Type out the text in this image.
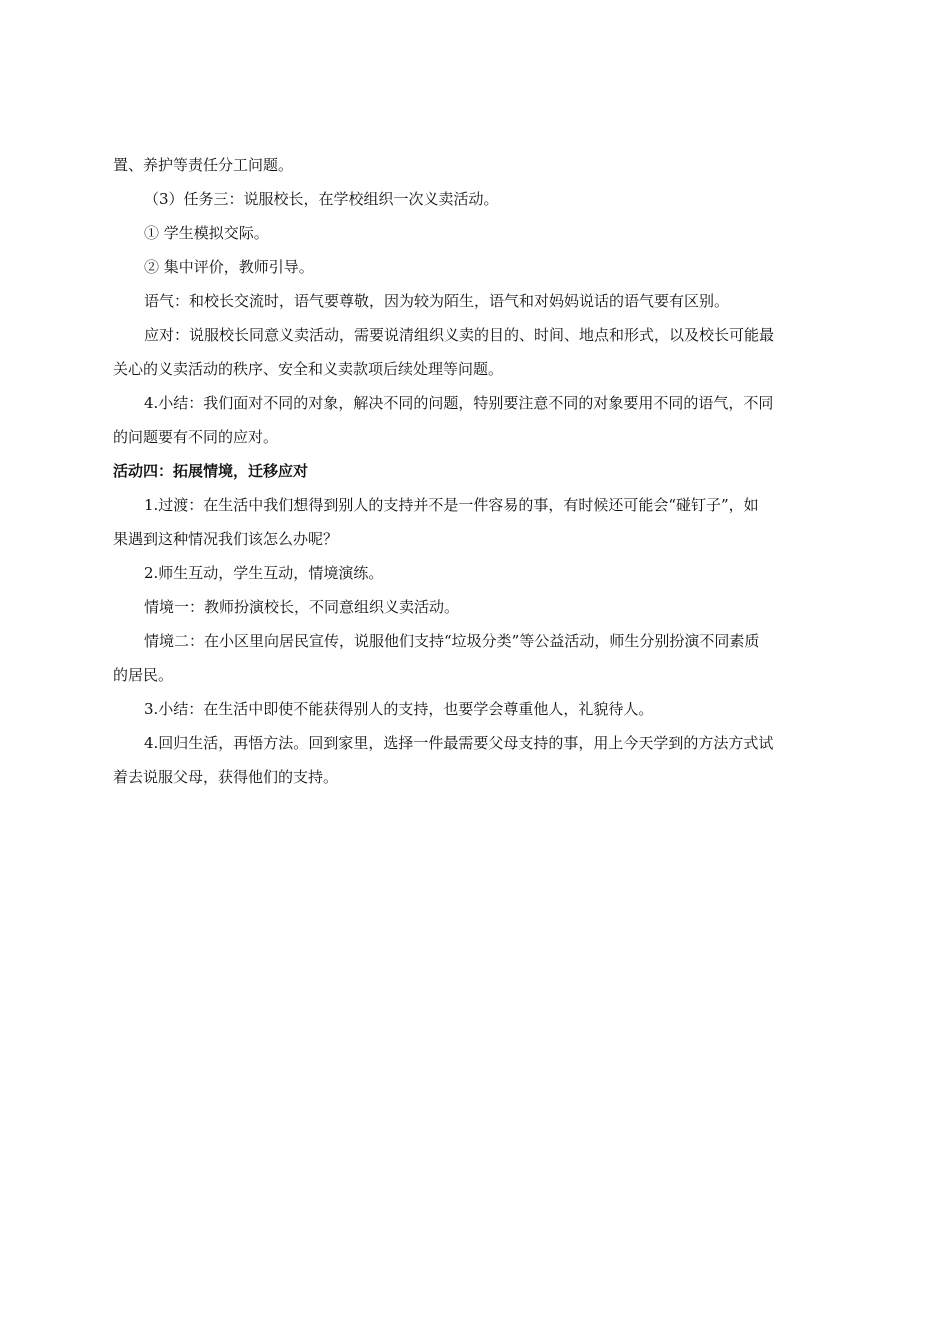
置、养护等责任分工问题。

（3）任务三：说服校长，在学校组织一次义卖活动。

① 学生模拟交际。

② 集中评价，教师引导。

语气：和校长交流时，语气要尊敬，因为较为陌生，语气和对妈妈说话的语气要有区别。

应对：说服校长同意义卖活动，需要说清组织义卖的目的、时间、地点和形式，以及校长可能最

关心的义卖活动的秩序、安全和义卖款项后续处理等问题。

4.小结：我们面对不同的对象，解决不同的问题，特别要注意不同的对象要用不同的语气，不同

的问题要有不同的应对。

活动四：拓展情境，迁移应对

1.过渡：在生活中我们想得到别人的支持并不是一件容易的事，有时候还可能会“碰钉子”，如

果遇到这种情况我们该怎么办呢？

2.师生互动，学生互动，情境演练。

情境一：教师扮演校长，不同意组织义卖活动。

情境二：在小区里向居民宣传，说服他们支持“垃圾分类”等公益活动，师生分别扮演不同素质

的居民。

3.小结：在生活中即使不能获得别人的支持，也要学会尊重他人，礼貌待人。

4.回归生活，再悟方法。回到家里，选择一件最需要父母支持的事，用上今天学到的方法方式试

着去说服父母，获得他们的支持。
